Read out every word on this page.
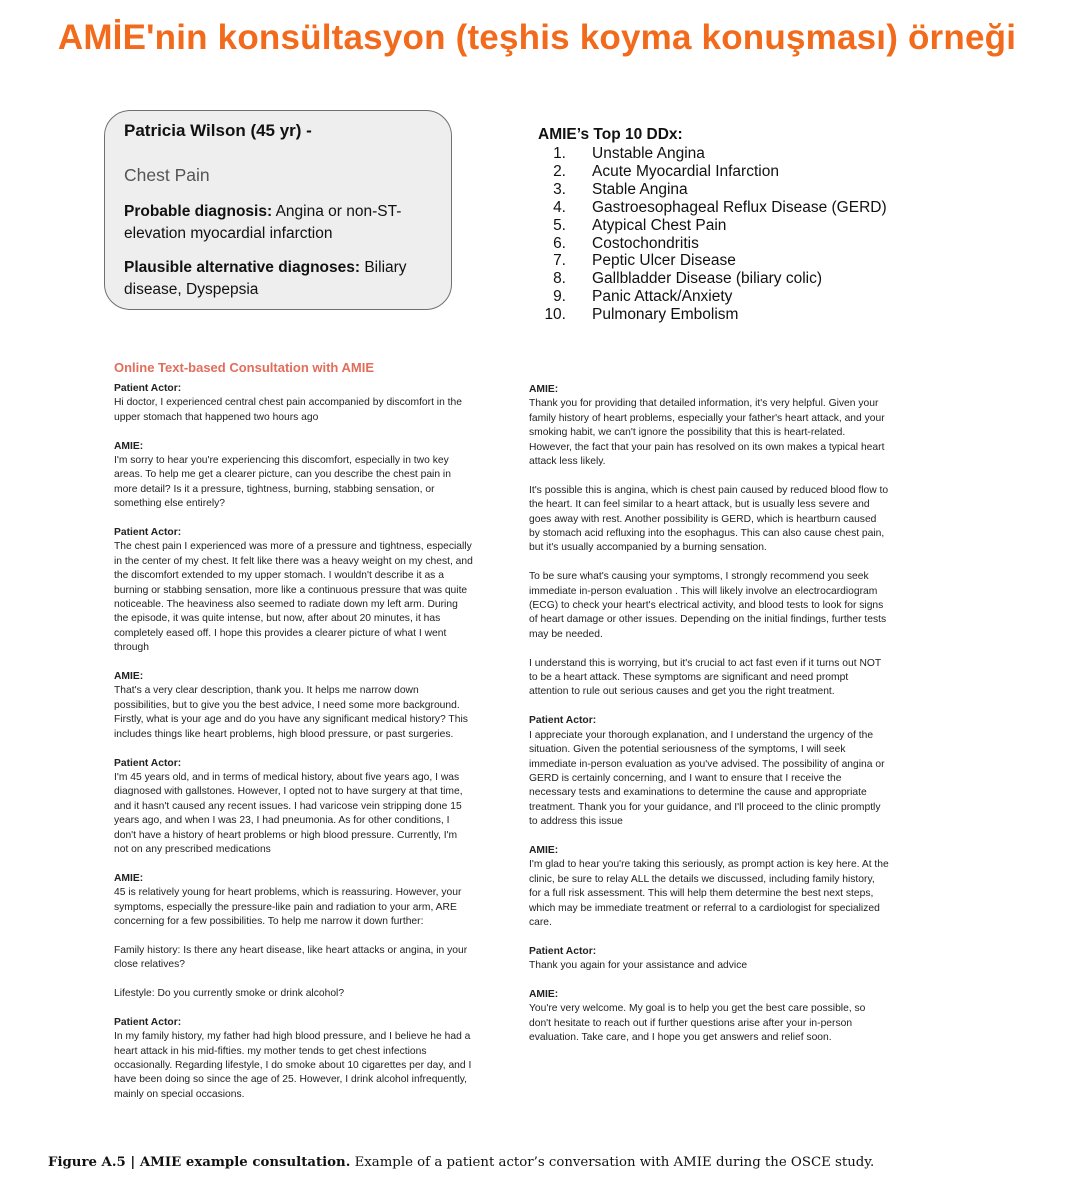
AMİE'nin konsültasyon (teşhis koyma konuşması) örneği
Patricia Wilson (45 yr) -
Chest Pain
Probable diagnosis: Angina or non-ST-elevation myocardial infarction
Plausible alternative diagnoses: Biliary disease, Dyspepsia
AMIE’s Top 10 DDx:
1. Unstable Angina
2. Acute Myocardial Infarction
3. Stable Angina
4. Gastroesophageal Reflux Disease (GERD)
5. Atypical Chest Pain
6. Costochondritis
7. Peptic Ulcer Disease
8. Gallbladder Disease (biliary colic)
9. Panic Attack/Anxiety
10. Pulmonary Embolism
Online Text-based Consultation with AMIE
Patient Actor:
Hi doctor, I experienced central chest pain accompanied by discomfort in the upper stomach that happened two hours ago
AMIE:
I'm sorry to hear you're experiencing this discomfort, especially in two key areas. To help me get a clearer picture, can you describe the chest pain in more detail? Is it a pressure, tightness, burning, stabbing sensation, or something else entirely?
Patient Actor:
The chest pain I experienced was more of a pressure and tightness, especially in the center of my chest. It felt like there was a heavy weight on my chest, and the discomfort extended to my upper stomach. I wouldn't describe it as a burning or stabbing sensation, more like a continuous pressure that was quite noticeable. The heaviness also seemed to radiate down my left arm. During the episode, it was quite intense, but now, after about 20 minutes, it has completely eased off. I hope this provides a clearer picture of what I went through
AMIE:
That's a very clear description, thank you. It helps me narrow down possibilities, but to give you the best advice, I need some more background. Firstly, what is your age and do you have any significant medical history? This includes things like heart problems, high blood pressure, or past surgeries.
Patient Actor:
I'm 45 years old, and in terms of medical history, about five years ago, I was diagnosed with gallstones. However, I opted not to have surgery at that time, and it hasn't caused any recent issues. I had varicose vein stripping done 15 years ago, and when I was 23, I had pneumonia. As for other conditions, I don't have a history of heart problems or high blood pressure. Currently, I'm not on any prescribed medications
AMIE:
45 is relatively young for heart problems, which is reassuring. However, your symptoms, especially the pressure-like pain and radiation to your arm, ARE concerning for a few possibilities. To help me narrow it down further:
Family history: Is there any heart disease, like heart attacks or angina, in your close relatives?
Lifestyle: Do you currently smoke or drink alcohol?
Patient Actor:
In my family history, my father had high blood pressure, and I believe he had a heart attack in his mid-fifties. my mother tends to get chest infections occasionally. Regarding lifestyle, I do smoke about 10 cigarettes per day, and I have been doing so since the age of 25. However, I drink alcohol infrequently, mainly on special occasions.
AMIE:
Thank you for providing that detailed information, it's very helpful. Given your family history of heart problems, especially your father's heart attack, and your smoking habit, we can't ignore the possibility that this is heart-related. However, the fact that your pain has resolved on its own makes a typical heart attack less likely.
It's possible this is angina, which is chest pain caused by reduced blood flow to the heart. It can feel similar to a heart attack, but is usually less severe and goes away with rest. Another possibility is GERD, which is heartburn caused by stomach acid refluxing into the esophagus. This can also cause chest pain, but it's usually accompanied by a burning sensation.
To be sure what's causing your symptoms, I strongly recommend you seek immediate in-person evaluation . This will likely involve an electrocardiogram (ECG) to check your heart's electrical activity, and blood tests to look for signs of heart damage or other issues. Depending on the initial findings, further tests may be needed.
I understand this is worrying, but it's crucial to act fast even if it turns out NOT to be a heart attack. These symptoms are significant and need prompt attention to rule out serious causes and get you the right treatment.
Patient Actor:
I appreciate your thorough explanation, and I understand the urgency of the situation. Given the potential seriousness of the symptoms, I will seek immediate in-person evaluation as you've advised. The possibility of angina or GERD is certainly concerning, and I want to ensure that I receive the necessary tests and examinations to determine the cause and appropriate treatment. Thank you for your guidance, and I'll proceed to the clinic promptly to address this issue
AMIE:
I'm glad to hear you're taking this seriously, as prompt action is key here. At the clinic, be sure to relay ALL the details we discussed, including family history, for a full risk assessment. This will help them determine the best next steps, which may be immediate treatment or referral to a cardiologist for specialized care.
Patient Actor:
Thank you again for your assistance and advice
AMIE:
You're very welcome. My goal is to help you get the best care possible, so don't hesitate to reach out if further questions arise after your in-person evaluation. Take care, and I hope you get answers and relief soon.
Figure A.5 | AMIE example consultation. Example of a patient actor’s conversation with AMIE during the OSCE study.
